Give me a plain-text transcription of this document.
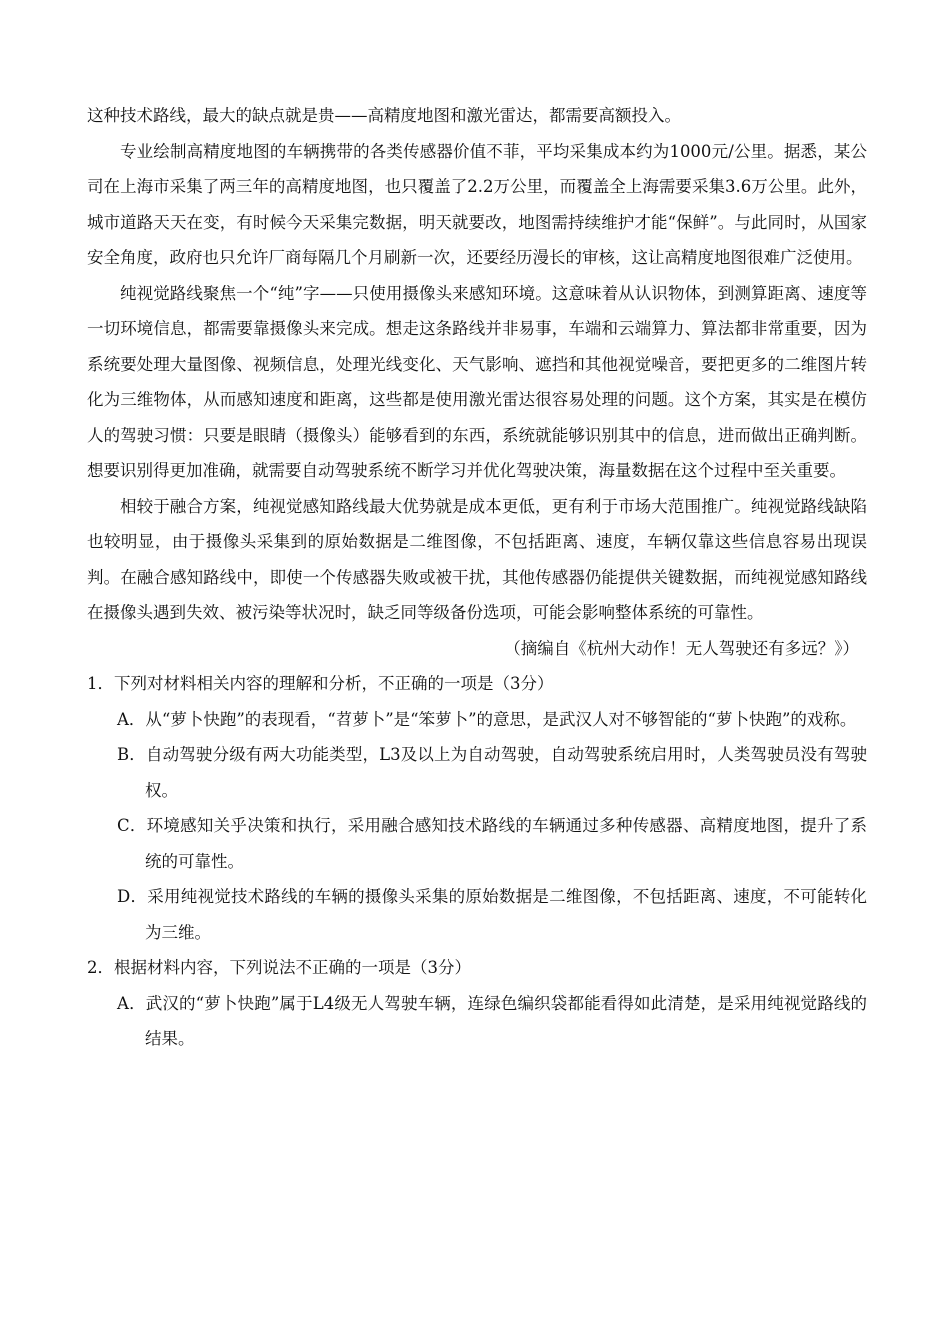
这种技术路线，最大的缺点就是贵——高精度地图和激光雷达，都需要高额投入。

专业绘制高精度地图的车辆携带的各类传感器价值不菲，平均采集成本约为1000元/公里。据悉，某公司在上海市采集了两三年的高精度地图，也只覆盖了2.2万公里，而覆盖全上海需要采集3.6万公里。此外，城市道路天天在变，有时候今天采集完数据，明天就要改，地图需持续维护才能“保鲜”。与此同时，从国家安全角度，政府也只允许厂商每隔几个月刷新一次，还要经历漫长的审核，这让高精度地图很难广泛使用。

纯视觉路线聚焦一个“纯”字——只使用摄像头来感知环境。这意味着从认识物体，到测算距离、速度等一切环境信息，都需要靠摄像头来完成。想走这条路线并非易事，车端和云端算力、算法都非常重要，因为系统要处理大量图像、视频信息，处理光线变化、天气影响、遮挡和其他视觉噪音，要把更多的二维图片转化为三维物体，从而感知速度和距离，这些都是使用激光雷达很容易处理的问题。这个方案，其实是在模仿人的驾驶习惯：只要是眼睛（摄像头）能够看到的东西，系统就能够识别其中的信息，进而做出正确判断。想要识别得更加准确，就需要自动驾驶系统不断学习并优化驾驶决策，海量数据在这个过程中至关重要。

相较于融合方案，纯视觉感知路线最大优势就是成本更低，更有利于市场大范围推广。纯视觉路线缺陷也较明显，由于摄像头采集到的原始数据是二维图像，不包括距离、速度，车辆仅靠这些信息容易出现误判。在融合感知路线中，即使一个传感器失败或被干扰，其他传感器仍能提供关键数据，而纯视觉感知路线在摄像头遇到失效、被污染等状况时，缺乏同等级备份选项，可能会影响整体系统的可靠性。

（摘编自《杭州大动作！无人驾驶还有多远？》）

1．下列对材料相关内容的理解和分析，不正确的一项是（3分）

A．从“萝卜快跑”的表现看，“苕萝卜”是“笨萝卜”的意思，是武汉人对不够智能的“萝卜快跑”的戏称。

B．自动驾驶分级有两大功能类型，L3及以上为自动驾驶，自动驾驶系统启用时，人类驾驶员没有驾驶权。

C．环境感知关乎决策和执行，采用融合感知技术路线的车辆通过多种传感器、高精度地图，提升了系统的可靠性。

D．采用纯视觉技术路线的车辆的摄像头采集的原始数据是二维图像，不包括距离、速度，不可能转化为三维。

2．根据材料内容，下列说法不正确的一项是（3分）

A．武汉的“萝卜快跑”属于L4级无人驾驶车辆，连绿色编织袋都能看得如此清楚，是采用纯视觉路线的结果。
